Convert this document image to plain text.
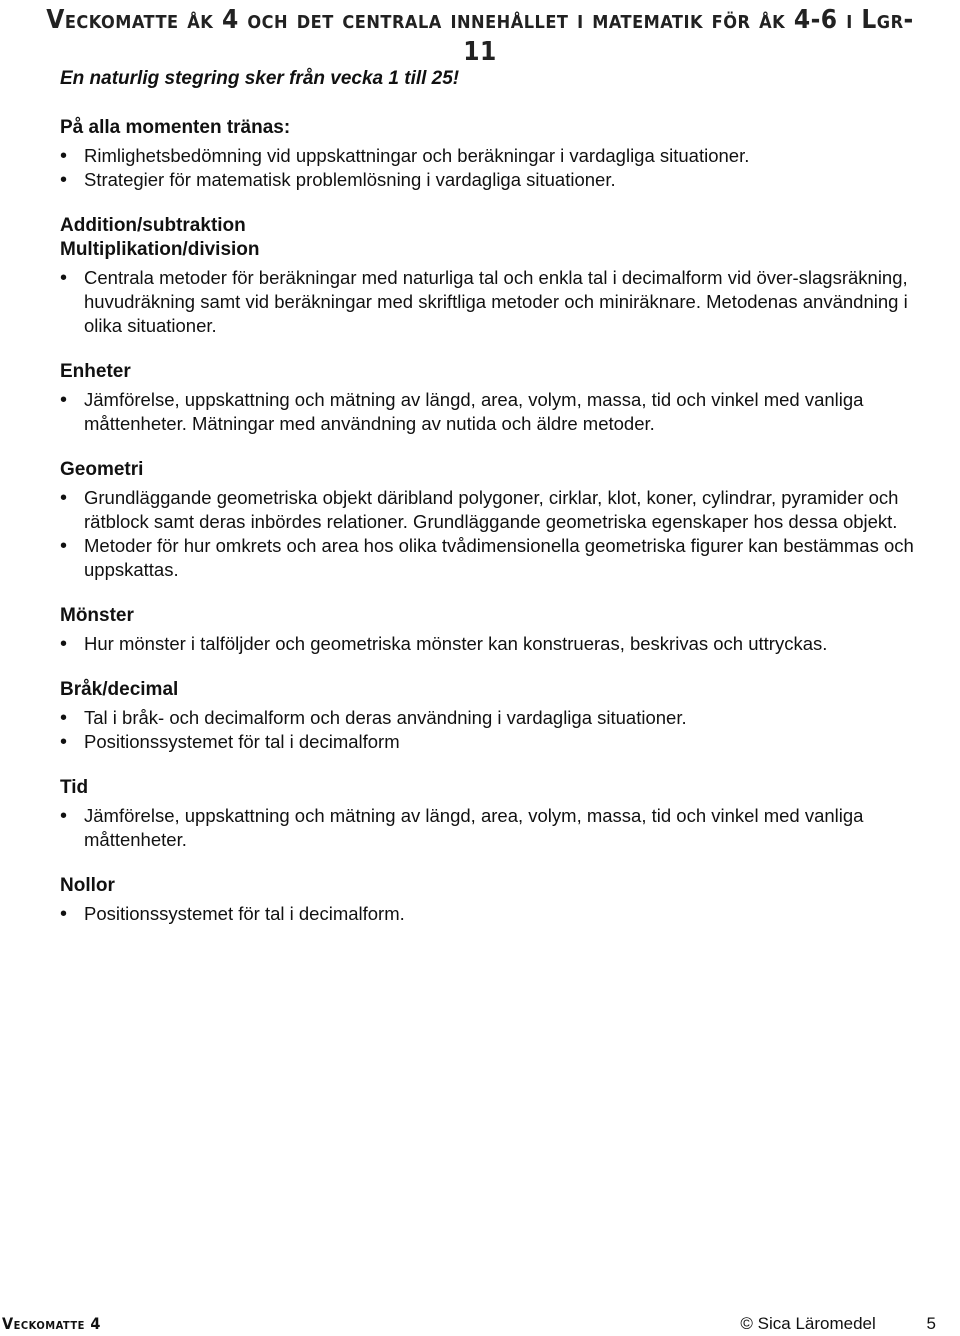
Veckomatte åk 4 och det centrala innehållet i matematik för åk 4-6 i Lgr-11
En naturlig stegring sker från vecka 1 till 25!
På alla momenten tränas:
• Rimlighetsbedömning vid uppskattningar och beräkningar i vardagliga situationer.
• Strategier för matematisk problemlösning i vardagliga situationer.
Addition/subtraktion
Multiplikation/division
• Centrala metoder för beräkningar med naturliga tal och enkla tal i decimalform vid över-slagsräkning, huvudräkning samt vid beräkningar med skriftliga metoder och miniräknare. Metodenas användning i olika situationer.
Enheter
• Jämförelse, uppskattning och mätning av längd, area, volym, massa, tid och vinkel med vanliga måttenheter. Mätningar med användning av nutida och äldre metoder.
Geometri
• Grundläggande geometriska objekt däribland polygoner, cirklar, klot, koner, cylindrar, pyramider och rätblock samt deras inbördes relationer. Grundläggande geometriska egenskaper hos dessa objekt.
• Metoder för hur omkrets och area hos olika tvådimensionella geometriska figurer kan bestämmas och uppskattas.
Mönster
• Hur mönster i talföljder och geometriska mönster kan konstrueras, beskrivas och uttryckas.
Bråk/decimal
• Tal i bråk- och decimalform och deras användning i vardagliga situationer.
• Positionssystemet för tal i decimalform
Tid
• Jämförelse, uppskattning och mätning av längd, area, volym, massa, tid och vinkel med vanliga måttenheter.
Nollor
• Positionssystemet för tal i decimalform.
Veckomatte 4	© Sica Läromedel	5
